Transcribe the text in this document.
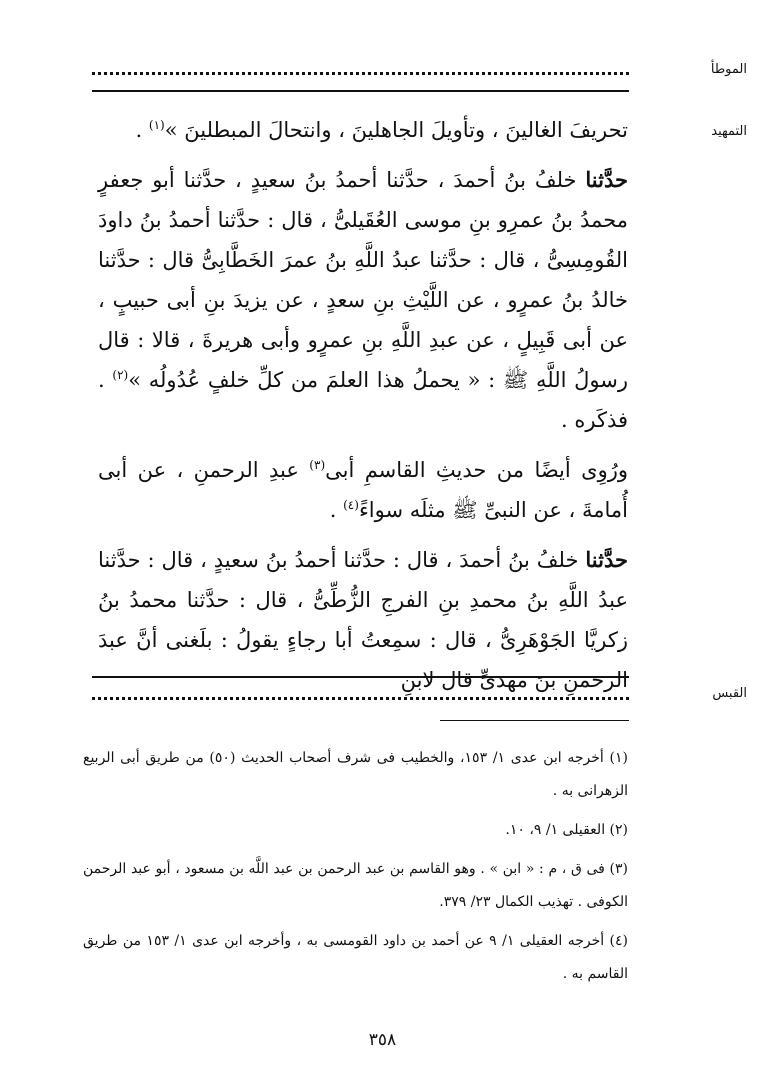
الموطأ
التمهيد

تحريفَ الغالينَ ، وتأويلَ الجاهلينَ ، وانتحالَ المبطلينَ »$^{(١)}$ .

حدَّثنا خلفُ بنُ أحمدَ ، حدَّثنا أحمدُ بنُ سعيدٍ ، حدَّثنا أبو جعفرٍ محمدُ بنُ عمرِو بنِ موسى العُقَيلىُّ ، قال : حدَّثنا أحمدُ بنُ داودَ القُومِسِىُّ ، قال : حدَّثنا عبدُ اللَّهِ بنُ عمرَ الخَطَّابِىُّ قال : حدَّثنا خالدُ بنُ عمرٍو ، عن اللَّيْثِ بنِ سعدٍ ، عن يزيدَ بنِ أبى حبيبٍ ، عن أبى قَبِيلٍ ، عن عبدِ اللَّهِ بنِ عمرٍو وأبى هريرةَ ، قالا : قال رسولُ اللَّهِ ﷺ : « يحملُ هذا العلمَ من كلِّ خلفٍ عُدُولُه »$^{(٢)}$ . فذكَره .

ورُوِى أيضًا من حديثِ القاسمِ أبى$^{(٣)}$ عبدِ الرحمنِ ، عن أبى أُمامةَ ، عن النبىِّ ﷺ مثلَه سواءً$^{(٤)}$ .

حدَّثنا خلفُ بنُ أحمدَ ، قال : حدَّثنا أحمدُ بنُ سعيدٍ ، قال : حدَّثنا عبدُ اللَّهِ بنُ محمدِ بنِ الفرجِ الزُّطِّىُّ ، قال : حدَّثنا محمدُ بنُ زكريَّا الجَوْهَرِىُّ ، قال : سمِعتُ أبا رجاءٍ يقولُ : بلَغنى أنَّ عبدَ الرحمنِ بنَ مهدىٍّ قال لابنِ

القبس

(١) أخرجه ابن عدى ١/ ١٥٣، والخطيب فى شرف أصحاب الحديث (٥٠) من طريق أبى الربيع الزهرانى به .

(٢) العقيلى ١/ ٩، ١٠.

(٣) فى ق ، م : « ابن » . وهو القاسم بن عبد الرحمن بن عبد اللَّه بن مسعود ، أبو عبد الرحمن الكوفى . تهذيب الكمال ٢٣/ ٣٧٩.

(٤) أخرجه العقيلى ١/ ٩ عن أحمد بن داود القومسى به ، وأخرجه ابن عدى ١/ ١٥٣ من طريق القاسم به .

٣٥٨
